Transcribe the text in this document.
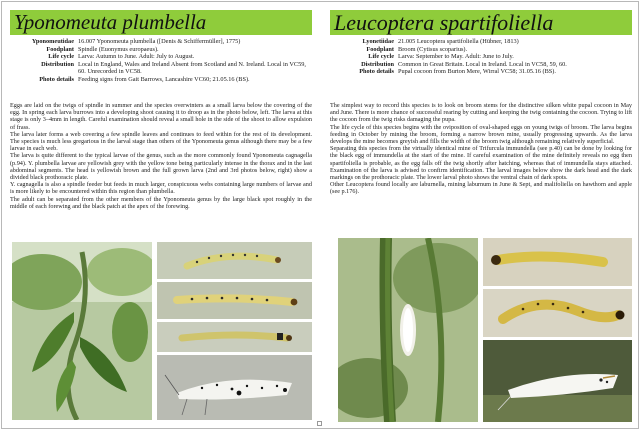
Yponomeuta plumbella
Yponomeutidae 16.007 Yponomeuta plumbella ([Denis & Schiffermüller], 1775)
Foodplant Spindle (Euonymus europaeus).
Life cycle Larva: Autumn to June. Adult: July to August.
Distribution Local in England, Wales and Ireland Absent from Scotland and N. Ireland. Local in VC59, 60. Unrecorded in VC58.
Photo details Feeding signs from Gait Barrows, Lancashire VC60; 21.05.16 (BS).

Eggs are laid on the twigs of spindle in summer and the species overwinters as a small larva below the covering of the egg. In spring each larva burrows into a developing shoot causing it to droop as in the photo below, left. The larva at this stage is only 3–4mm in length. Careful examination should reveal a small hole in the side of the shoot to allow expulsion of frass.

The larva later forms a web covering a few spindle leaves and continues to feed within for the rest of its development. The species is much less gregarious in the larval stage than others of the Yponomeuta genus although there may be a few larvae in each web.

The larva is quite different to the typical larvae of the genus, such as the more commonly found Yponomeuta cagnagella (p.94). Y. plumbella larvae are yellowish grey with the yellow tone being particularly intense in the thorax and in the last abdominal segments. The head is yellowish brown and the full grown larva (2nd and 3rd photos below, right) show a divided black prothoracic plate.

Y. cagnagella is also a spindle feeder but feeds in much larger, conspicuous webs containing large numbers of larvae and is more likely to be encountered within this region than plumbella.

The adult can be separated from the other members of the Yponomeuta genus by the large black spot roughly in the middle of each forewing and the black patch at the apex of the forewing.

Leucoptera spartifoliella
Lyonetiidae 21.005 Leucoptera spartifoliella (Hübner, 1813)
Foodplant Broom (Cytisus scoparius).
Life cycle Larva: September to May. Adult: June to July.
Distribution Common in Great Britain. Local in Ireland. Local in VC58, 59, 60.
Photo details Pupal cocoon from Burton Mere, Wirral VC58; 31.05.16 (BS).

The simplest way to record this species is to look on broom stems for the distinctive silken white pupal cocoon in May and June. There is more chance of successful rearing by cutting and keeping the twig containing the cocoon. Trying to lift the cocoon from the twig risks damaging the pupa.

The life cycle of this species begins with the oviposition of oval-shaped eggs on young twigs of broom. The larva begins feeding in October by mining the broom, forming a narrow brown mine, usually progressing upwards. As the larva develops the mine becomes greyish and fills the width of the broom twig although remaining relatively superficial.

Separating this species from the virtually identical mine of Trifurcula immundella (see p.40) can be done by looking for the black egg of immundella at the start of the mine. If careful examination of the mine definitely reveals no egg then spartifoliella is probable, as the egg falls off the twig shortly after hatching, whereas that of immundella stays attached. Examination of the larva is advised to confirm identification. The larval images below show the dark head and the dark markings on the prothoracic plate. The lower larval photo shows the ventral chain of dark spots.

Other Leucoptera found locally are laburnella, mining laburnum in June & Sept, and malifoliella on hawthorn and apple (see p.176).
